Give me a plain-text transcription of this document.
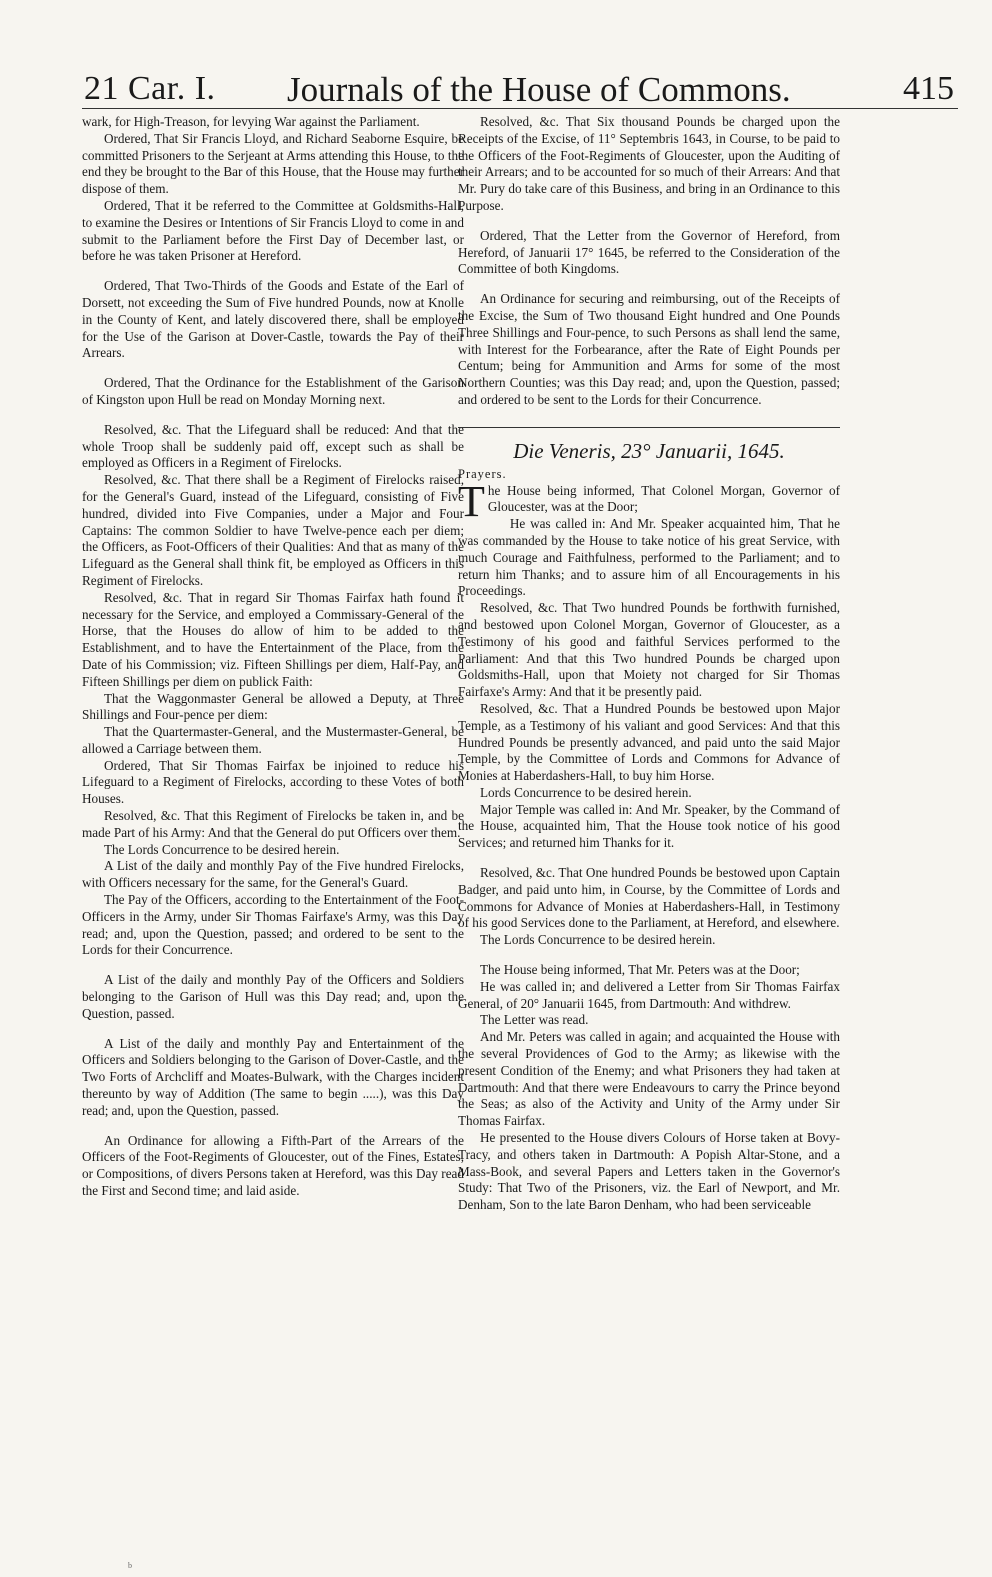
21 Car. I. Journals of the House of Commons.	415

wark, for High-Treason, for levying War against the Parliament.

Ordered, That Sir Francis Lloyd, and Richard Seaborne Esquire, be committed Prisoners to the Serjeant at Arms attending this House, to the end they be brought to the Bar of this House, that the House may further dispose of them.

Ordered, That it be referred to the Committee at Goldsmiths-Hall, to examine the Desires or Intentions of Sir Francis Lloyd to come in and submit to the Parliament before the First Day of December last, or before he was taken Prisoner at Hereford.

Ordered, That Two-Thirds of the Goods and Estate of the Earl of Dorsett, not exceeding the Sum of Five hundred Pounds, now at Knolle in the County of Kent, and lately discovered there, shall be employed for the Use of the Garison at Dover-Castle, towards the Pay of their Arrears.

Ordered, That the Ordinance for the Establishment of the Garison of Kingston upon Hull be read on Monday Morning next.

Resolved, &c. That the Lifeguard shall be reduced: And that the whole Troop shall be suddenly paid off, except such as shall be employed as Officers in a Regiment of Firelocks.

Resolved, &c. That there shall be a Regiment of Firelocks raised, for the General's Guard, instead of the Lifeguard, consisting of Five hundred, divided into Five Companies, under a Major and Four Captains: The common Soldier to have Twelve-pence each per diem; the Officers, as Foot-Officers of their Qualities: And that as many of the Lifeguard as the General shall think fit, be employed as Officers in this Regiment of Firelocks.

Resolved, &c. That in regard Sir Thomas Fairfax hath found it necessary for the Service, and employed a Commissary-General of the Horse, that the Houses do allow of him to be added to the Establishment, and to have the Entertainment of the Place, from the Date of his Commission; viz. Fifteen Shillings per diem, Half-Pay, and Fifteen Shillings per diem on publick Faith:

That the Waggonmaster General be allowed a Deputy, at Three Shillings and Four-pence per diem:

That the Quartermaster-General, and the Mustermaster-General, be allowed a Carriage between them.

Ordered, That Sir Thomas Fairfax be injoined to reduce his Lifeguard to a Regiment of Firelocks, according to these Votes of both Houses.

Resolved, &c. That this Regiment of Firelocks be taken in, and be made Part of his Army: And that the General do put Officers over them.

The Lords Concurrence to be desired herein.

A List of the daily and monthly Pay of the Five hundred Firelocks, with Officers necessary for the same, for the General's Guard.

The Pay of the Officers, according to the Entertainment of the Foot-Officers in the Army, under Sir Thomas Fairfaxe's Army, was this Day read; and, upon the Question, passed; and ordered to be sent to the Lords for their Concurrence.

A List of the daily and monthly Pay of the Officers and Soldiers belonging to the Garison of Hull was this Day read; and, upon the Question, passed.

A List of the daily and monthly Pay and Entertainment of the Officers and Soldiers belonging to the Garison of Dover-Castle, and the Two Forts of Archcliff and Moates-Bulwark, with the Charges incident thereunto by way of Addition (The same to begin .....), was this Day read; and, upon the Question, passed.

An Ordinance for allowing a Fifth-Part of the Arrears of the Officers of the Foot-Regiments of Gloucester, out of the Fines, Estates, or Compositions, of divers Persons taken at Hereford, was this Day read the First and Second time; and laid aside.

Resolved, &c. That Six thousand Pounds be charged upon the Receipts of the Excise, of 11° Septembris 1643, in Course, to be paid to the Officers of the Foot-Regiments of Gloucester, upon the Auditing of their Arrears; and to be accounted for so much of their Arrears: And that Mr. Pury do take care of this Business, and bring in an Ordinance to this Purpose.

Ordered, That the Letter from the Governor of Hereford, from Hereford, of Januarii 17° 1645, be referred to the Consideration of the Committee of both Kingdoms.

An Ordinance for securing and reimbursing, out of the Receipts of the Excise, the Sum of Two thousand Eight hundred and One Pounds Three Shillings and Four-pence, to such Persons as shall lend the same, with Interest for the Forbearance, after the Rate of Eight Pounds per Centum; being for Ammunition and Arms for some of the most Northern Counties; was this Day read; and, upon the Question, passed; and ordered to be sent to the Lords for their Concurrence.

Die Veneris, 23° Januarii, 1645.

Prayers.

The House being informed, That Colonel Morgan, Governor of Gloucester, was at the Door;

He was called in: And Mr. Speaker acquainted him, That he was commanded by the House to take notice of his great Service, with much Courage and Faithfulness, performed to the Parliament; and to return him Thanks; and to assure him of all Encouragements in his Proceedings.

Resolved, &c. That Two hundred Pounds be forthwith furnished, and bestowed upon Colonel Morgan, Governor of Gloucester, as a Testimony of his good and faithful Services performed to the Parliament: And that this Two hundred Pounds be charged upon Goldsmiths-Hall, upon that Moiety not charged for Sir Thomas Fairfaxe's Army: And that it be presently paid.

Resolved, &c. That a Hundred Pounds be bestowed upon Major Temple, as a Testimony of his valiant and good Services: And that this Hundred Pounds be presently advanced, and paid unto the said Major Temple, by the Committee of Lords and Commons for Advance of Monies at Haberdashers-Hall, to buy him Horse.

Lords Concurrence to be desired herein.

Major Temple was called in: And Mr. Speaker, by the Command of the House, acquainted him, That the House took notice of his good Services; and returned him Thanks for it.

Resolved, &c. That One hundred Pounds be bestowed upon Captain Badger, and paid unto him, in Course, by the Committee of Lords and Commons for Advance of Monies at Haberdashers-Hall, in Testimony of his good Services done to the Parliament, at Hereford, and elsewhere.

The Lords Concurrence to be desired herein.

The House being informed, That Mr. Peters was at the Door;

He was called in; and delivered a Letter from Sir Thomas Fairfax General, of 20° Januarii 1645, from Dartmouth: And withdrew.

The Letter was read.

And Mr. Peters was called in again; and acquainted the House with the several Providences of God to the Army; as likewise with the present Condition of the Enemy; and what Prisoners they had taken at Dartmouth: And that there were Endeavours to carry the Prince beyond the Seas; as also of the Activity and Unity of the Army under Sir Thomas Fairfax.

He presented to the House divers Colours of Horse taken at Bovy-Tracy, and others taken in Dartmouth: A Popish Altar-Stone, and a Mass-Book, and several Papers and Letters taken in the Governor's Study: That Two of the Prisoners, viz. the Earl of Newport, and Mr. Denham, Son to the late Baron Denham, who had been serviceable

b
